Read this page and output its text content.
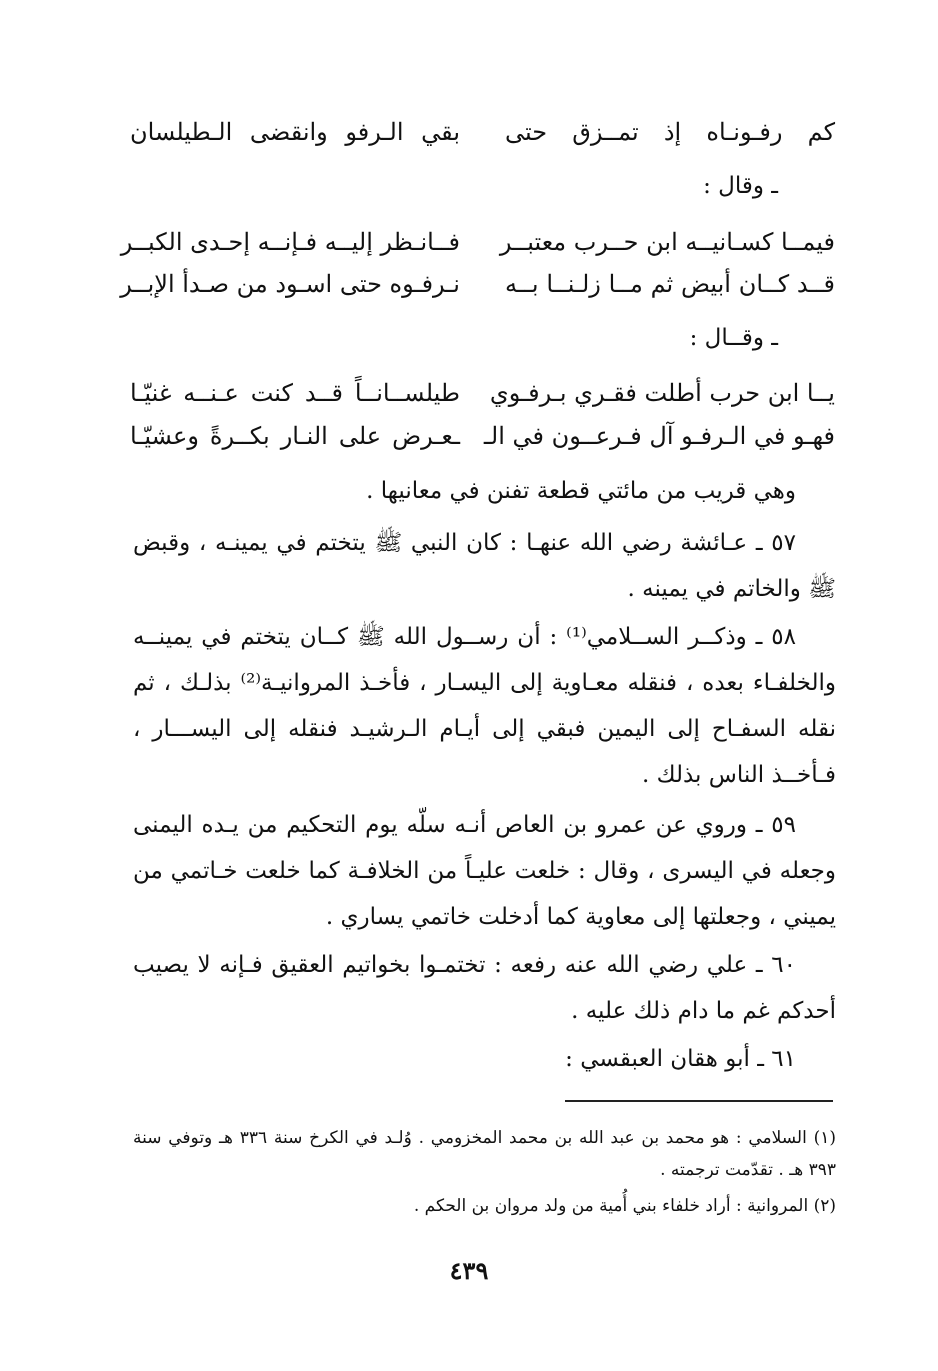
كم رفـونـاه إذ تمــزق حتى
بقي الـرفو وانقضى الـطيلسان
ـ وقال :
فيمــا كسـانيــه ابن حــرب معتبــر
فــانـظر إليــه فـإنــه إحـدى الكبــر
قــد كــان أبيض ثم مــا زلـنــا بــه
نـرفـوه حتى اسـود من صـدأ الإبــر
ـ وقــال :
يــا ابن حرب أطلت فقـري بـرفـوي
طيلســانــاً قــد كنت عـنــه غنيّـا
فهـو في الـرفـو آل فـرعــون في الـ
ـعـرض على النـار بكــرةً وعشيّـا
وهي قريب من مائتي قطعة تفنن في معانيها .
٥٧ ـ عـائشة رضي الله عنهـا : كان النبي ﷺ يتختم في يمينـه ، وقبض ﷺ والخاتم في يمينه .
٥٨ ـ وذكــر الســلامي⁽¹⁾ : أن رســول الله ﷺ كــان يتختم في يمينــه والخلفـاء بعده ، فنقله معـاوية إلى اليسـار ، فأخـذ المروانيـة⁽²⁾ بذلـك ، ثم نقله السفـاح إلى اليمين فبقي إلى أيـام الـرشيـد فنقله إلى اليســـار ، فـأخــذ الناس بذلك .
٥٩ ـ وروي عن عمرو بن العاص أنـه سلّه يوم التحكيم من يـده اليمنى وجعله في اليسرى ، وقال : خلعت عليـاً من الخلافـة كما خلعت خـاتمي من يميني ، وجعلتها إلى معاوية كما أدخلت خاتمي يساري .
٦٠ ـ علي رضي الله عنه رفعه : تختمـوا بخواتيم العقيق فـإنه لا يصيب أحدكم غم ما دام ذلك عليه .
٦١ ـ أبو هقان العبقسي :
(١) السلامي : هو محمد بن عبد الله بن محمد المخزومي . وُلـد في الكرخ سنة ٣٣٦ هـ وتوفي سنة ٣٩٣ هـ . تقدّمت ترجمته .
(٢) المروانية : أراد خلفاء بني أُمية من ولد مروان بن الحكم .
٤٣٩
